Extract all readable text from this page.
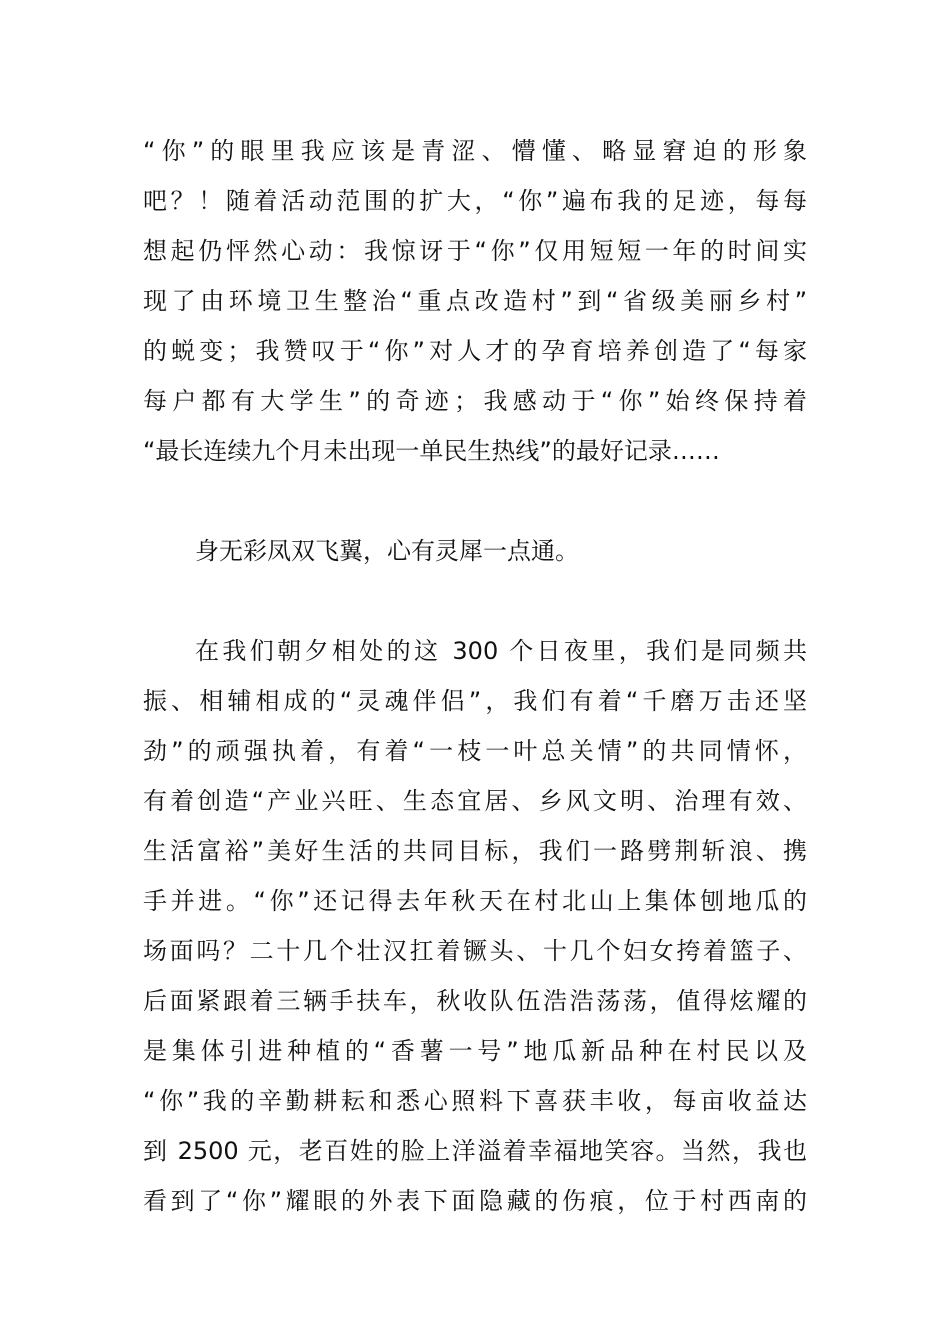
“你”的眼里我应该是青涩、懵懂、略显窘迫的形象
吧？！随着活动范围的扩大，“你”遍布我的足迹，每每
想起仍怦然心动：我惊讶于“你”仅用短短一年的时间实
现了由环境卫生整治“重点改造村”到“省级美丽乡村”
的蜕变；我赞叹于“你”对人才的孕育培养创造了“每家
每户都有大学生”的奇迹；我感动于“你”始终保持着
“最长连续九个月未出现一单民生热线”的最好记录……
身无彩凤双飞翼，心有灵犀一点通。
在我们朝夕相处的这 300 个日夜里，我们是同频共
振、相辅相成的“灵魂伴侣”，我们有着“千磨万击还坚
劲”的顽强执着，有着“一枝一叶总关情”的共同情怀，
有着创造“产业兴旺、生态宜居、乡风文明、治理有效、
生活富裕”美好生活的共同目标，我们一路劈荆斩浪、携
手并进。“你”还记得去年秋天在村北山上集体刨地瓜的
场面吗？二十几个壮汉扛着镢头、十几个妇女挎着篮子、
后面紧跟着三辆手扶车，秋收队伍浩浩荡荡，值得炫耀的
是集体引进种植的“香薯一号”地瓜新品种在村民以及
“你”我的辛勤耕耘和悉心照料下喜获丰收，每亩收益达
到 2500 元，老百姓的脸上洋溢着幸福地笑容。当然，我也
看到了“你”耀眼的外表下面隐藏的伤痕，位于村西南的
